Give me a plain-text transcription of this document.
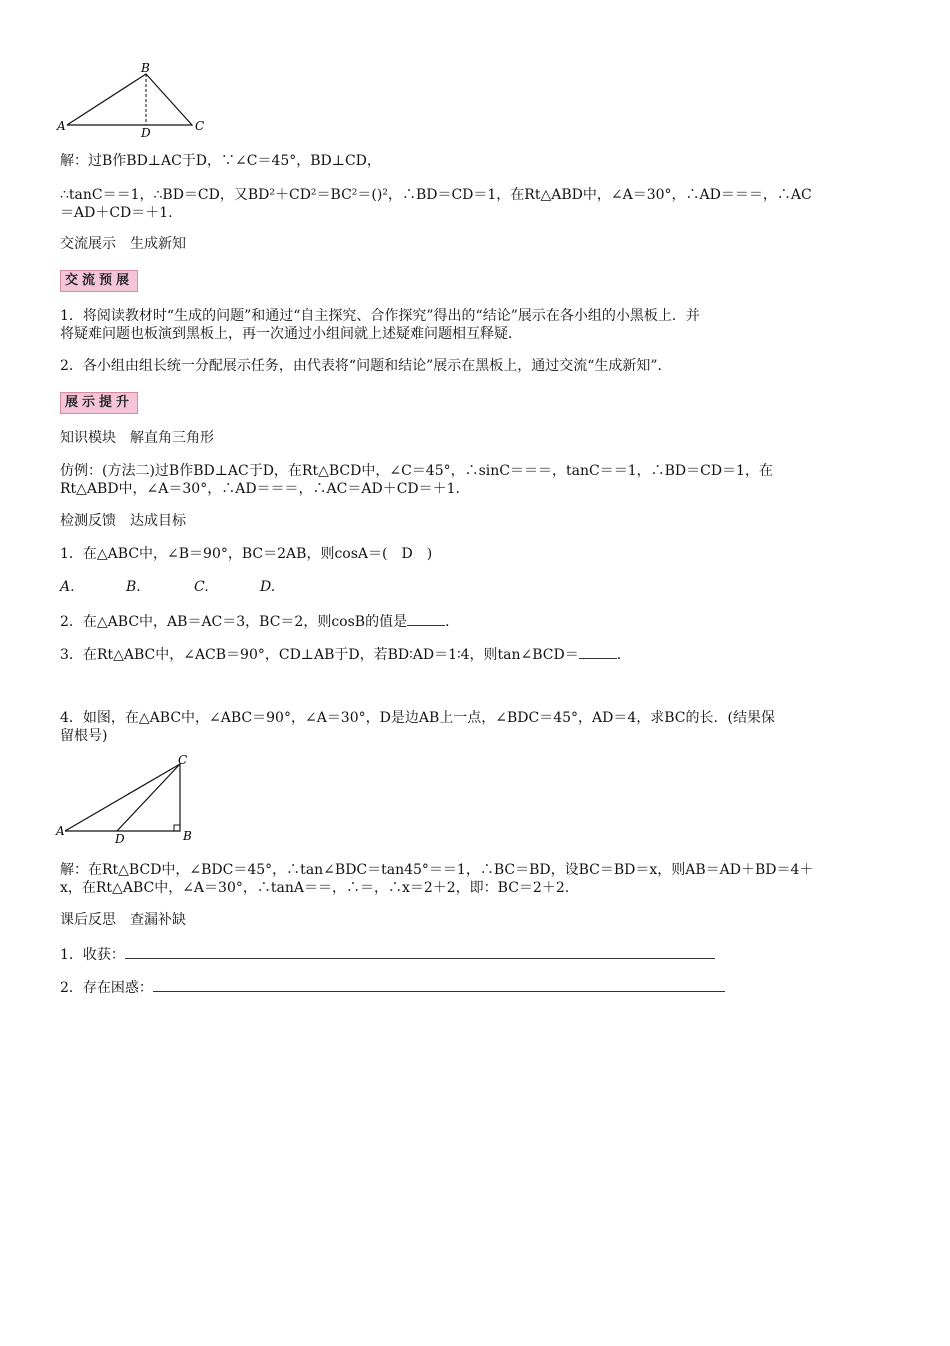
A
B
C
D
解：过B作BD⊥AC于D，∵∠C＝45°，BD⊥CD，
∴tanC＝＝1，∴BD＝CD，又BD²＋CD²＝BC²＝()²，∴BD＝CD＝1，在Rt△ABD中，∠A＝30°，∴AD＝＝＝，∴AC
＝AD＋CD＝＋1.
交流展示　生成新知
交流预展
1．将阅读教材时“生成的问题”和通过“自主探究、合作探究”得出的“结论”展示在各小组的小黑板上．并
将疑难问题也板演到黑板上，再一次通过小组间就上述疑难问题相互释疑．
2．各小组由组长统一分配展示任务，由代表将“问题和结论”展示在黑板上，通过交流“生成新知”．
展示提升
知识模块　解直角三角形
仿例：(方法二)过B作BD⊥AC于D，在Rt△BCD中，∠C＝45°，∴sinC＝＝＝，tanC＝＝1，∴BD＝CD＝1，在
Rt△ABD中，∠A＝30°，∴AD＝＝＝，∴AC＝AD＋CD＝＋1.
检测反馈　达成目标
1．在△ABC中，∠B＝90°，BC＝2AB，则cosA＝(　D　)
A.	B.	C.	D.
2．在△ABC中，AB＝AC＝3，BC＝2，则cosB的值是	．
3．在Rt△ABC中，∠ACB＝90°，CD⊥AB于D，若BD∶AD＝1∶4，则tan∠BCD＝	．
4．如图，在△ABC中，∠ABC＝90°，∠A＝30°，D是边AB上一点，∠BDC＝45°，AD＝4，求BC的长．(结果保
留根号)
A	B
C
D
解：在Rt△BCD中，∠BDC＝45°，∴tan∠BDC＝tan45°＝＝1，∴BC＝BD，设BC＝BD＝x，则AB＝AD＋BD＝4＋
x，在Rt△ABC中，∠A＝30°，∴tanA＝＝，∴＝，∴x＝2＋2，即：BC＝2＋2.
课后反思　查漏补缺
1．收获：
2．存在困惑：
